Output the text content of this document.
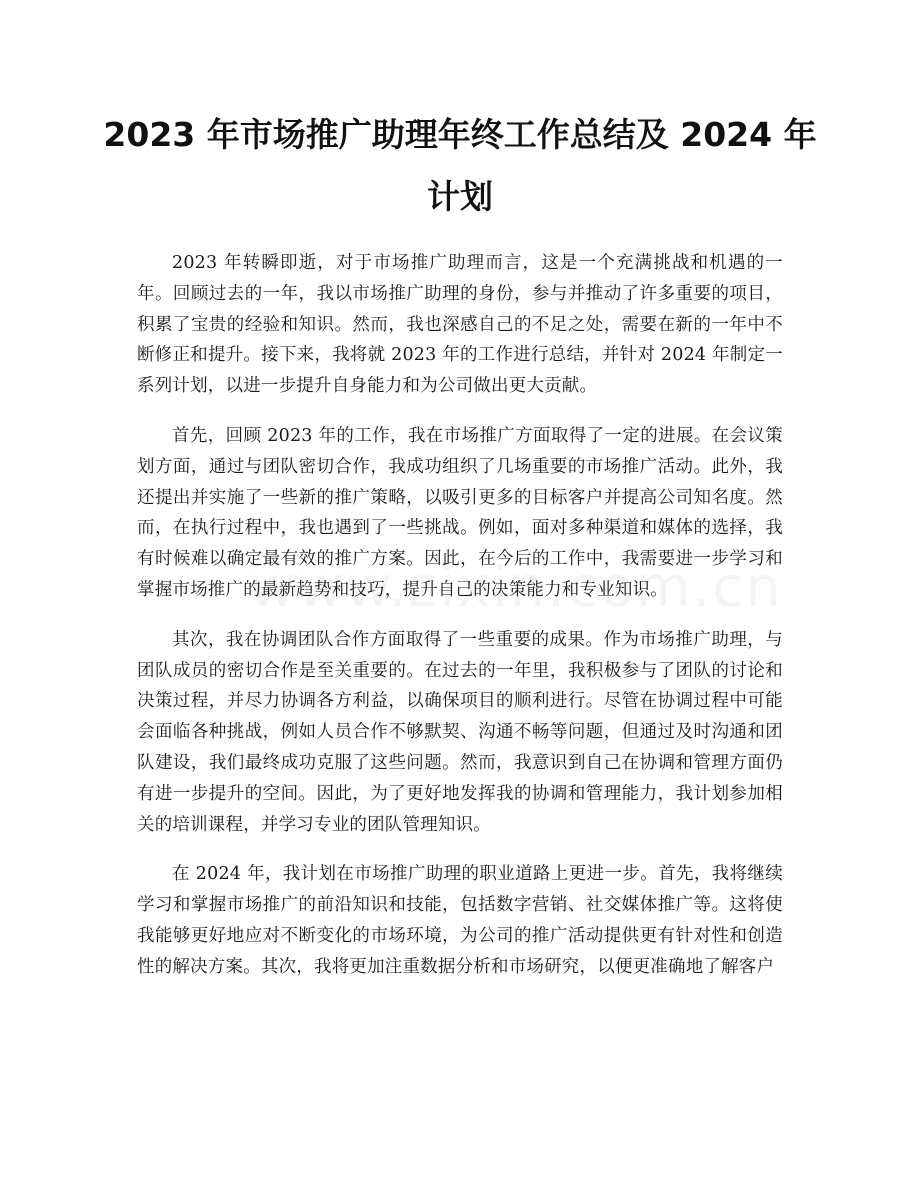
2023 年市场推广助理年终工作总结及 2024 年计划

2023 年转瞬即逝，对于市场推广助理而言，这是一个充满挑战和机遇的一年。回顾过去的一年，我以市场推广助理的身份，参与并推动了许多重要的项目，积累了宝贵的经验和知识。然而，我也深感自己的不足之处，需要在新的一年中不断修正和提升。接下来，我将就 2023 年的工作进行总结，并针对 2024 年制定一系列计划，以进一步提升自身能力和为公司做出更大贡献。

首先，回顾 2023 年的工作，我在市场推广方面取得了一定的进展。在会议策划方面，通过与团队密切合作，我成功组织了几场重要的市场推广活动。此外，我还提出并实施了一些新的推广策略，以吸引更多的目标客户并提高公司知名度。然而，在执行过程中，我也遇到了一些挑战。例如，面对多种渠道和媒体的选择，我有时候难以确定最有效的推广方案。因此，在今后的工作中，我需要进一步学习和掌握市场推广的最新趋势和技巧，提升自己的决策能力和专业知识。

其次，我在协调团队合作方面取得了一些重要的成果。作为市场推广助理，与团队成员的密切合作是至关重要的。在过去的一年里，我积极参与了团队的讨论和决策过程，并尽力协调各方利益，以确保项目的顺利进行。尽管在协调过程中可能会面临各种挑战，例如人员合作不够默契、沟通不畅等问题，但通过及时沟通和团队建设，我们最终成功克服了这些问题。然而，我意识到自己在协调和管理方面仍有进一步提升的空间。因此，为了更好地发挥我的协调和管理能力，我计划参加相关的培训课程，并学习专业的团队管理知识。

在 2024 年，我计划在市场推广助理的职业道路上更进一步。首先，我将继续学习和掌握市场推广的前沿知识和技能，包括数字营销、社交媒体推广等。这将使我能够更好地应对不断变化的市场环境，为公司的推广活动提供更有针对性和创造性的解决方案。其次，我将更加注重数据分析和市场研究，以便更准确地了解客户
